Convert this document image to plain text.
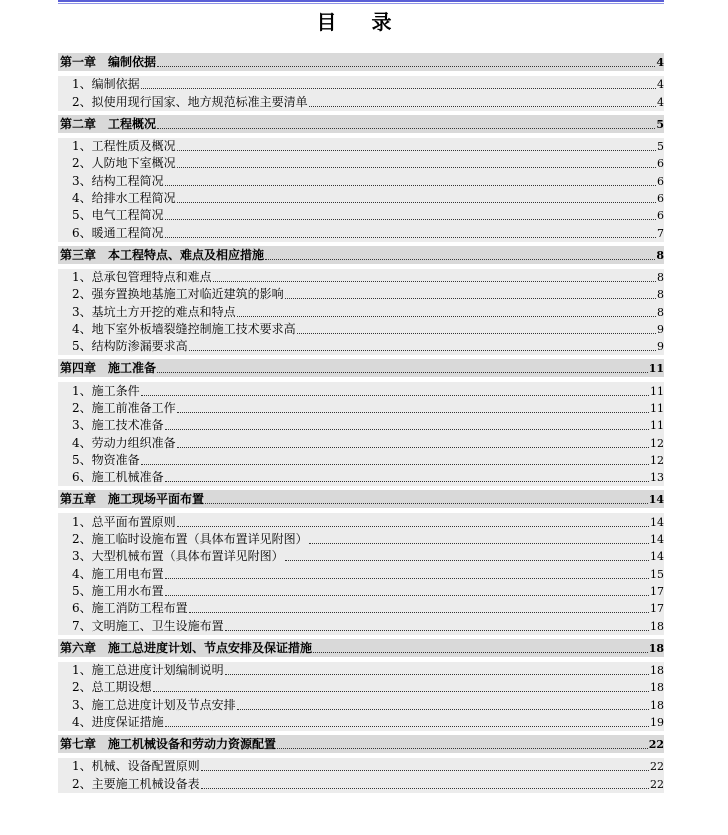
目 录
第一章　编制依据	4
1、编制依据	4
2、拟使用现行国家、地方规范标准主要清单	4
第二章　工程概况	5
1、工程性质及概况	5
2、人防地下室概况	6
3、结构工程简况	6
4、给排水工程简况	6
5、电气工程简况	6
6、暖通工程简况	7
第三章　本工程特点、难点及相应措施	8
1、总承包管理特点和难点	8
2、强夯置换地基施工对临近建筑的影响	8
3、基坑土方开挖的难点和特点	8
4、地下室外板墙裂缝控制施工技术要求高	9
5、结构防渗漏要求高	9
第四章　施工准备	11
1、施工条件	11
2、施工前准备工作	11
3、施工技术准备	11
4、劳动力组织准备	12
5、物资准备	12
6、施工机械准备	13
第五章　施工现场平面布置	14
1、总平面布置原则	14
2、施工临时设施布置（具体布置详见附图）	14
3、大型机械布置（具体布置详见附图）	14
4、施工用电布置	15
5、施工用水布置	17
6、施工消防工程布置	17
7、文明施工、卫生设施布置	18
第六章　施工总进度计划、节点安排及保证措施	18
1、施工总进度计划编制说明	18
2、总工期设想	18
3、施工总进度计划及节点安排	18
4、进度保证措施	19
第七章　施工机械设备和劳动力资源配置	22
1、机械、设备配置原则	22
2、主要施工机械设备表	22
